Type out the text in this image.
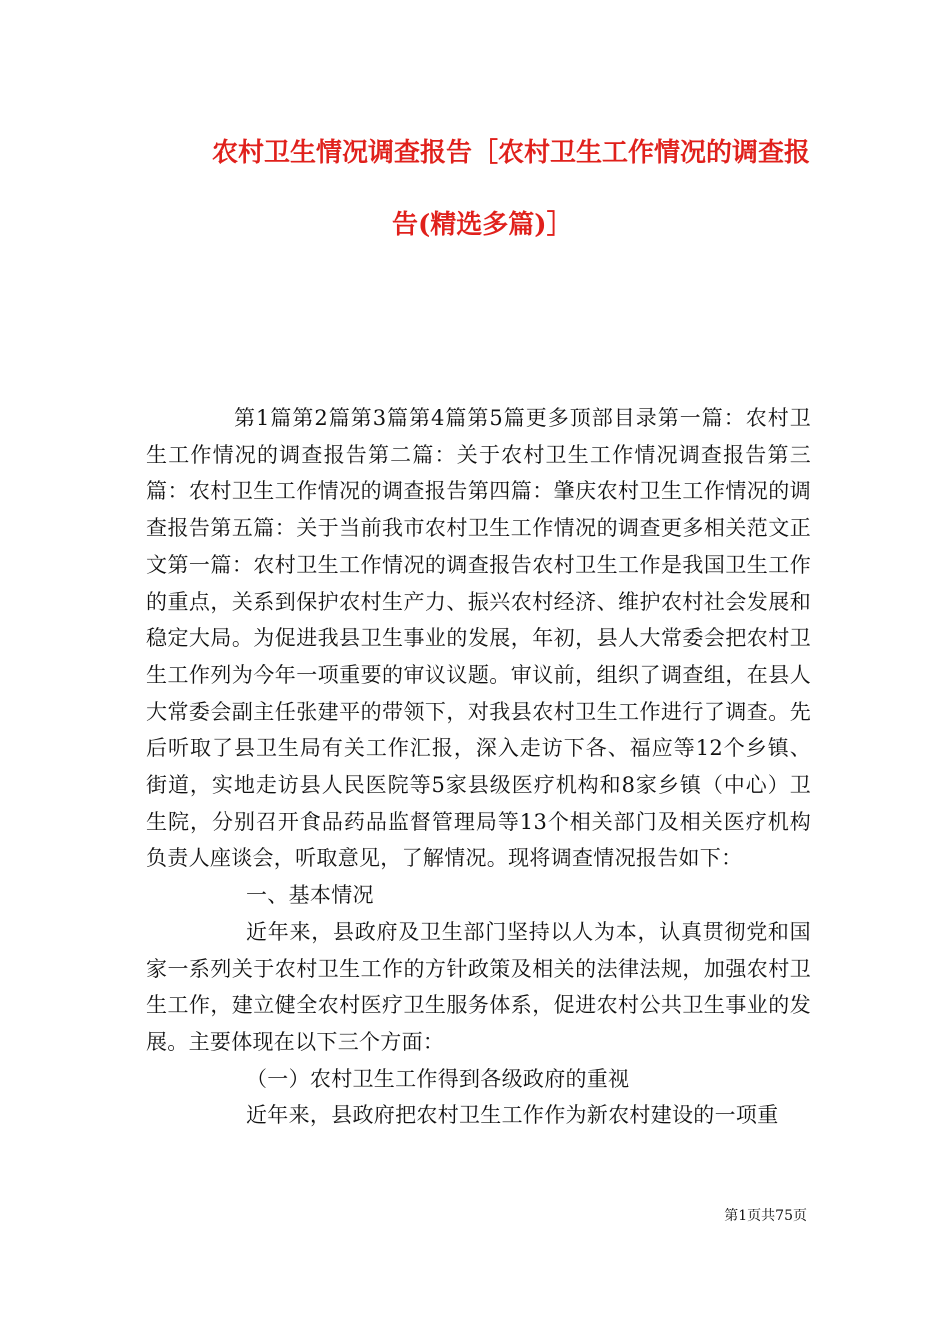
农村卫生情况调查报告［农村卫生工作情况的调查报
告(精选多篇)］

第1篇第2篇第3篇第4篇第5篇更多顶部目录第一篇：农村卫生工作情况的调查报告第二篇：关于农村卫生工作情况调查报告第三篇：农村卫生工作情况的调查报告第四篇：肇庆农村卫生工作情况的调查报告第五篇：关于当前我市农村卫生工作情况的调查更多相关范文正文第一篇：农村卫生工作情况的调查报告农村卫生工作是我国卫生工作的重点，关系到保护农村生产力、振兴农村经济、维护农村社会发展和稳定大局。为促进我县卫生事业的发展，年初，县人大常委会把农村卫生工作列为今年一项重要的审议议题。审议前，组织了调查组，在县人大常委会副主任张建平的带领下，对我县农村卫生工作进行了调查。先后听取了县卫生局有关工作汇报，深入走访下各、福应等12个乡镇、街道，实地走访县人民医院等5家县级医疗机构和8家乡镇（中心）卫生院，分别召开食品药品监督管理局等13个相关部门及相关医疗机构负责人座谈会，听取意见，了解情况。现将调查情况报告如下：

一、基本情况

近年来，县政府及卫生部门坚持以人为本，认真贯彻党和国家一系列关于农村卫生工作的方针政策及相关的法律法规，加强农村卫生工作，建立健全农村医疗卫生服务体系，促进农村公共卫生事业的发展。主要体现在以下三个方面：

（一）农村卫生工作得到各级政府的重视

近年来，县政府把农村卫生工作作为新农村建设的一项重

第1页共75页
